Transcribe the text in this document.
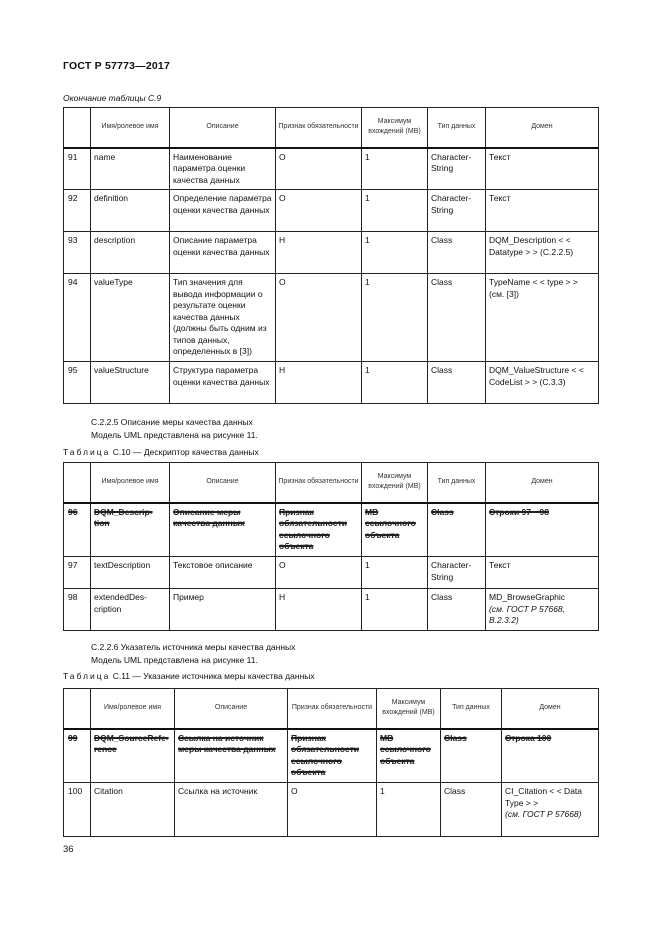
ГОСТ Р 57773—2017
Окончание таблицы С.9
	Имя/ролевое имя	Описание	Признак обязательности	Максимум вхождений (MB)	Тип данных	Домен
91	name	Наименование параметра оценки качества данных	О	1	Character-String	Текст
92	definition	Определение параметра оценки качества данных	О	1	Character-String	Текст
93	description	Описание параметра оценки качества данных	Н	1	Class	DQM_Description < < Datatype > > (C.2.2.5)
94	valueType	Тип значения для вывода информации о результате оценки качества данных (должны быть одним из типов данных, определенных в [3])	О	1	Class	TypeName < < type > > (см. [3])
95	valueStructure	Структура параметра оценки качества данных	Н	1	Class	DQM_ValueStructure < < CodeList > > (C.3.3)
С.2.2.5 Описание меры качества данных
Модель UML представлена на рисунке 11.
Таблица С.10 — Дескриптор качества данных
	Имя/ролевое имя	Описание	Признак обязательности	Максимум вхождений (MB)	Тип данных	Домен
96	DQM_Descrip-tion	Описание меры качества данных	Признак обязательности ссылочного объекта	MB ссылочного объекта	Class	Строки 97—98
97	textDescription	Текстовое описание	О	1	Character-String	Текст
98	extendedDes-cription	Пример	Н	1	Class	MD_BrowseGraphic
(см. ГОСТ Р 57668, B.2.3.2)
С.2.2.6 Указатель источника меры качества данных
Модель UML представлена на рисунке 11.
Таблица С.11 — Указание источника меры качества данных
	Имя/ролевое имя	Описание	Признак обязательности	Максимум вхождений (MB)	Тип данных	Домен
99	DQM_SourceRefe-rence	Ссылка на источник меры качества данных	Признак обязательности ссылочного объекта	MB ссылочного объекта	Class	Строка 100
100	Citation	Ссылка на источник	О	1	Class	CI_Citation < < Data Type > >
(см. ГОСТ Р 57668)
36
